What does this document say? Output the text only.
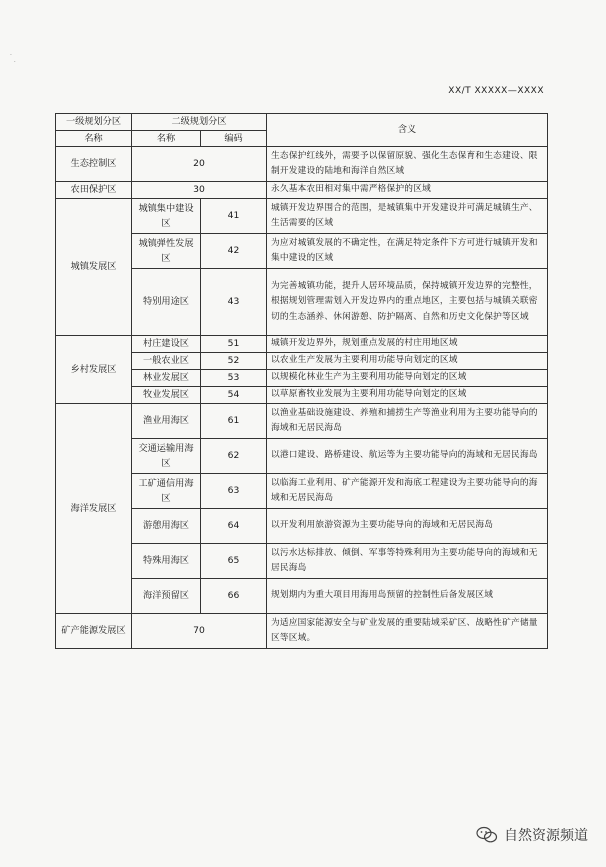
·
·
XX/T XXXXX—XXXX
一级规划分区	二级规划分区		含义
名称	名称	编码	
生态控制区	20		生态保护红线外，需要予以保留原貌、强化生态保育和生态建设、限制开发建设的陆地和海洋自然区域
农田保护区	30		永久基本农田相对集中需严格保护的区域
城镇发展区	城镇集中建设区	41	城镇开发边界围合的范围，是城镇集中开发建设并可满足城镇生产、生活需要的区域
	城镇弹性发展区	42	为应对城镇发展的不确定性，在满足特定条件下方可进行城镇开发和集中建设的区域
	特别用途区	43	为完善城镇功能，提升人居环境品质，保持城镇开发边界的完整性，根据规划管理需划入开发边界内的重点地区，主要包括与城镇关联密切的生态涵养、休闲游憩、防护隔离、自然和历史文化保护等区域
乡村发展区	村庄建设区	51	城镇开发边界外，规划重点发展的村庄用地区域
	一般农业区	52	以农业生产发展为主要利用功能导向划定的区域
	林业发展区	53	以规模化林业生产为主要利用功能导向划定的区域
	牧业发展区	54	以草原畜牧业发展为主要利用功能导向划定的区域
海洋发展区	渔业用海区	61	以渔业基础设施建设、养殖和捕捞生产等渔业利用为主要功能导向的海域和无居民海岛
	交通运输用海区	62	以港口建设、路桥建设、航运等为主要功能导向的海域和无居民海岛
	工矿通信用海区	63	以临海工业利用、矿产能源开发和海底工程建设为主要功能导向的海域和无居民海岛
	游憩用海区	64	以开发利用旅游资源为主要功能导向的海域和无居民海岛
	特殊用海区	65	以污水达标排放、倾倒、军事等特殊利用为主要功能导向的海域和无居民海岛
	海洋预留区	66	规划期内为重大项目用海用岛预留的控制性后备发展区域
矿产能源发展区	70		为适应国家能源安全与矿业发展的重要陆域采矿区、战略性矿产储量区等区域。
自然资源频道
